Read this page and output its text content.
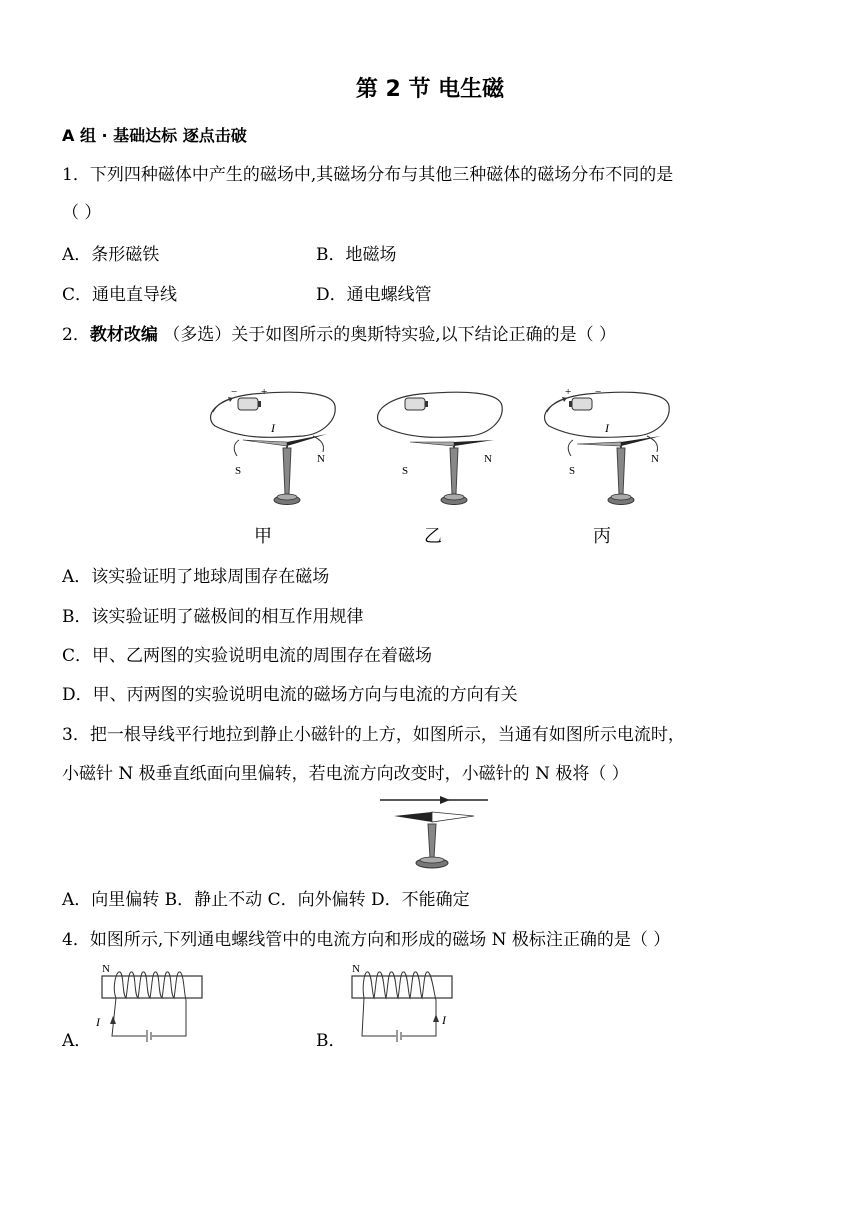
第 2 节 电生磁
A 组 · 基础达标 逐点击破
1．下列四种磁体中产生的磁场中,其磁场分布与其他三种磁体的磁场分布不同的是
（ ）
A．条形磁铁	B．地磁场
C．通电直导线	D．通电螺线管
2．教材改编 （多选）关于如图所示的奥斯特实验,以下结论正确的是（ ）
− +
I
S
N
S
N
+ −
I
S
N
甲	乙	丙
A．该实验证明了地球周围存在磁场
B．该实验证明了磁极间的相互作用规律
C．甲、乙两图的实验说明电流的周围存在着磁场
D．甲、丙两图的实验说明电流的磁场方向与电流的方向有关
3．把一根导线平行地拉到静止小磁针的上方，如图所示，当通有如图所示电流时，
小磁针 N 极垂直纸面向里偏转，若电流方向改变时，小磁针的 N 极将（ ）
A．向里偏转 B．静止不动 C．向外偏转 D．不能确定
4．如图所示,下列通电螺线管中的电流方向和形成的磁场 N 极标注正确的是（ ）
N
I
A．
N
I
B．
